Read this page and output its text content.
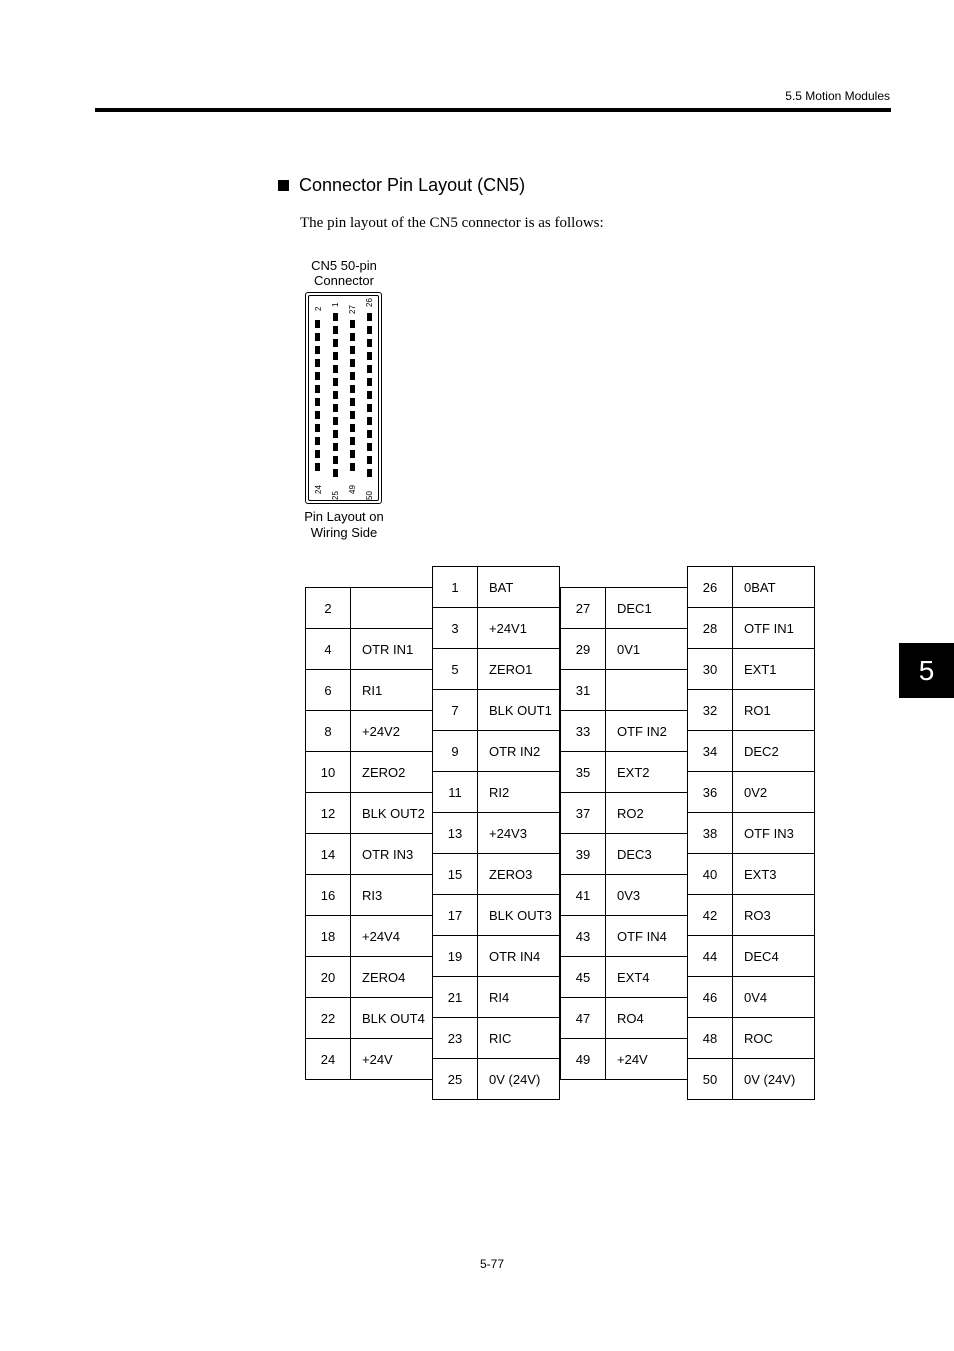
5.5 Motion Modules
5
Connector Pin Layout (CN5)
The pin layout of the CN5 connector is as follows:
CN5 50-pin
Connector
2
1
27
26
24
25
49
50
Pin Layout on
Wiring Side
2	
4	OTR IN1
6	RI1
8	+24V2
10	ZERO2
12	BLK OUT2
14	OTR IN3
16	RI3
18	+24V4
20	ZERO4
22	BLK OUT4
24	+24V
1	BAT
3	+24V1
5	ZERO1
7	BLK OUT1
9	OTR IN2
11	RI2
13	+24V3
15	ZERO3
17	BLK OUT3
19	OTR IN4
21	RI4
23	RIC
25	0V (24V)
27	DEC1
29	0V1
31	
33	OTF IN2
35	EXT2
37	RO2
39	DEC3
41	0V3
43	OTF IN4
45	EXT4
47	RO4
49	+24V
26	0BAT
28	OTF IN1
30	EXT1
32	RO1
34	DEC2
36	0V2
38	OTF IN3
40	EXT3
42	RO3
44	DEC4
46	0V4
48	ROC
50	0V (24V)
5-77
